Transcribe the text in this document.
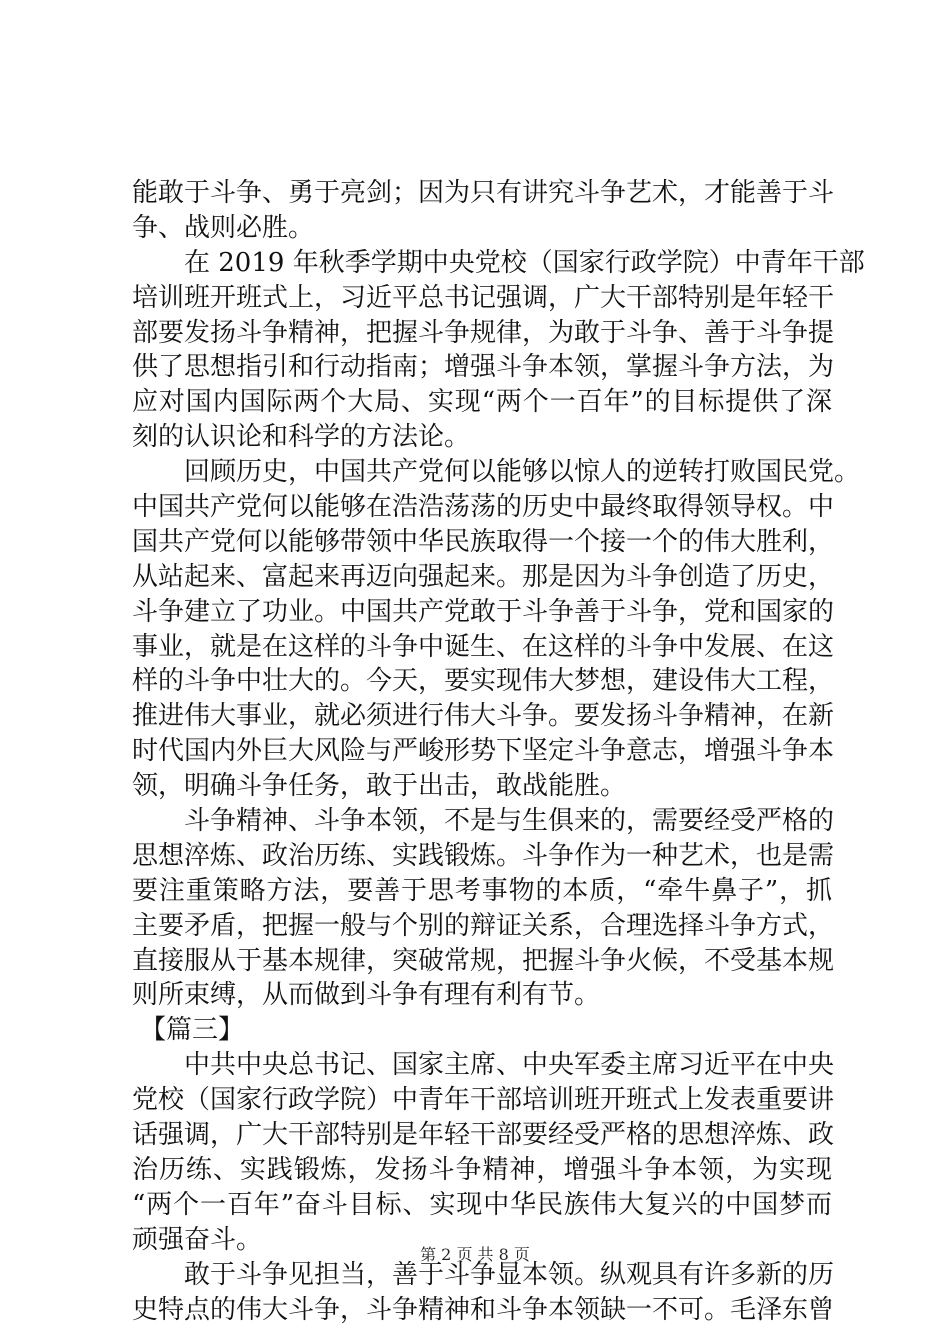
能敢于斗争、勇于亮剑；因为只有讲究斗争艺术，才能善于斗
争、战则必胜。
在 2019 年秋季学期中央党校（国家行政学院）中青年干部
培训班开班式上，习近平总书记强调，广大干部特别是年轻干
部要发扬斗争精神，把握斗争规律，为敢于斗争、善于斗争提
供了思想指引和行动指南；增强斗争本领，掌握斗争方法，为
应对国内国际两个大局、实现“两个一百年”的目标提供了深
刻的认识论和科学的方法论。
回顾历史，中国共产党何以能够以惊人的逆转打败国民党。
中国共产党何以能够在浩浩荡荡的历史中最终取得领导权。中
国共产党何以能够带领中华民族取得一个接一个的伟大胜利，
从站起来、富起来再迈向强起来。那是因为斗争创造了历史，
斗争建立了功业。中国共产党敢于斗争善于斗争，党和国家的
事业，就是在这样的斗争中诞生、在这样的斗争中发展、在这
样的斗争中壮大的。今天，要实现伟大梦想，建设伟大工程，
推进伟大事业，就必须进行伟大斗争。要发扬斗争精神，在新
时代国内外巨大风险与严峻形势下坚定斗争意志，增强斗争本
领，明确斗争任务，敢于出击，敢战能胜。
斗争精神、斗争本领，不是与生俱来的，需要经受严格的
思想淬炼、政治历练、实践锻炼。斗争作为一种艺术，也是需
要注重策略方法，要善于思考事物的本质，“牵牛鼻子”，抓
主要矛盾，把握一般与个别的辩证关系，合理选择斗争方式，
直接服从于基本规律，突破常规，把握斗争火候，不受基本规
则所束缚，从而做到斗争有理有利有节。
【篇三】
中共中央总书记、国家主席、中央军委主席习近平在中央
党校（国家行政学院）中青年干部培训班开班式上发表重要讲
话强调，广大干部特别是年轻干部要经受严格的思想淬炼、政
治历练、实践锻炼，发扬斗争精神，增强斗争本领，为实现
“两个一百年”奋斗目标、实现中华民族伟大复兴的中国梦而
顽强奋斗。
敢于斗争见担当，善于斗争显本领。纵观具有许多新的历
史特点的伟大斗争，斗争精神和斗争本领缺一不可。毛泽东曾
第 2 页 共 8 页
